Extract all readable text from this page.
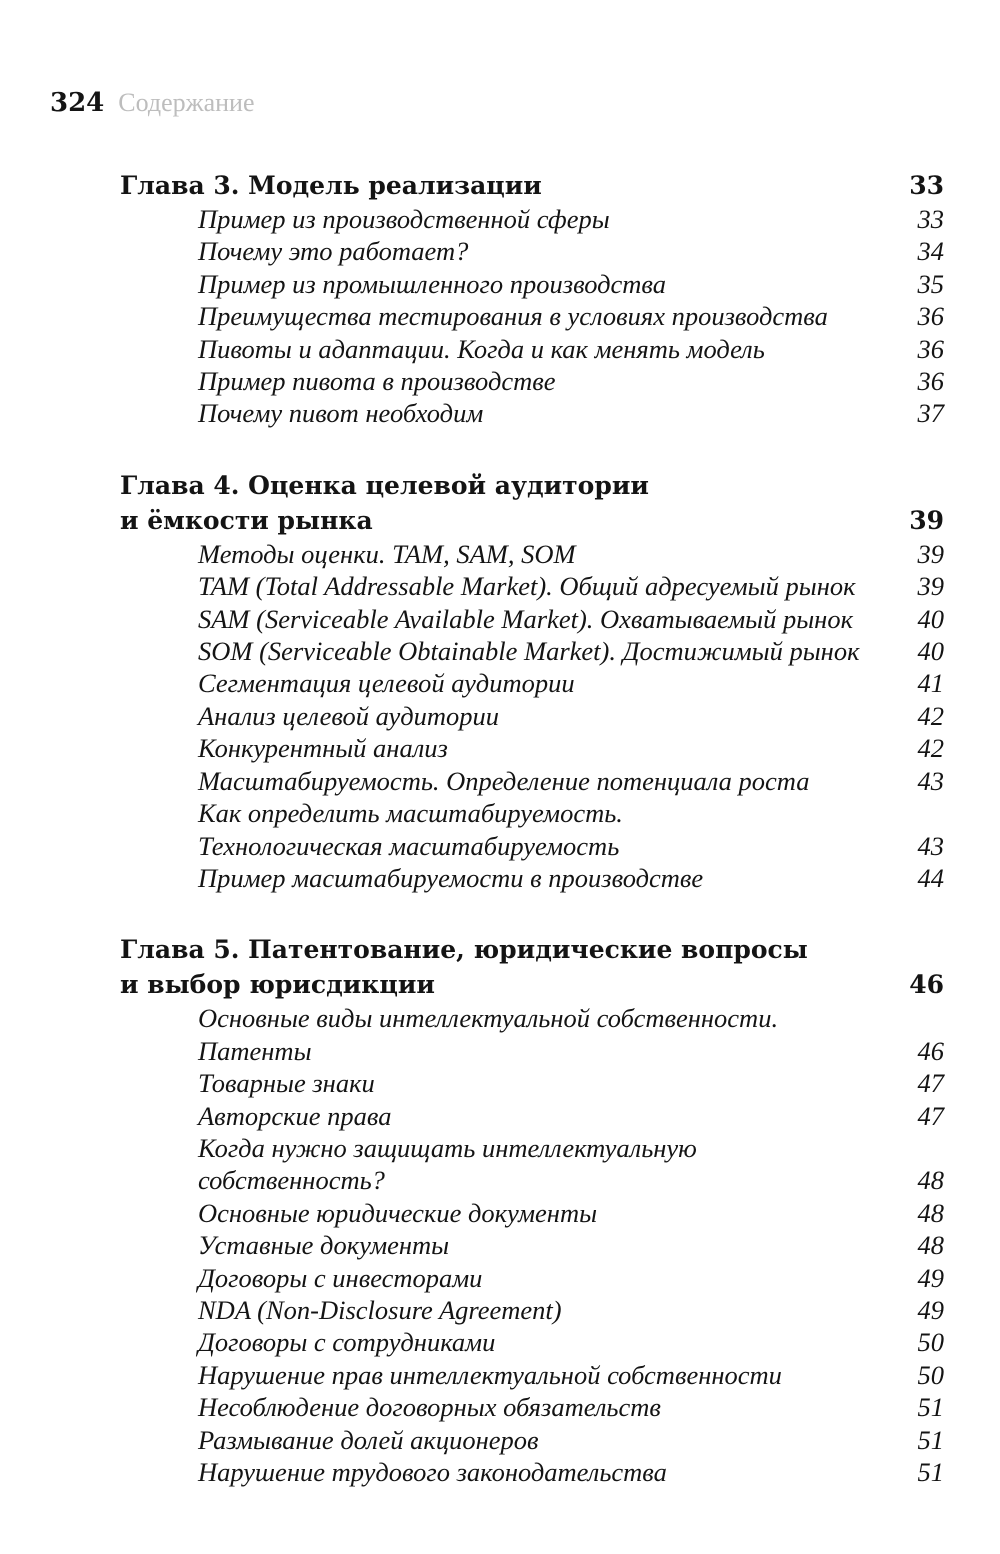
324 Содержание
Глава 3. Модель реализации	33
Пример из производственной сферы	33
Почему это работает?	34
Пример из промышленного производства	35
Преимущества тестирования в условиях производства	36
Пивоты и адаптации. Когда и как менять модель	36
Пример пивота в производстве	36
Почему пивот необходим	37
Глава 4. Оценка целевой аудитории
и ёмкости рынка	39
Методы оценки. TAM, SAM, SOM	39
TAM (Total Addressable Market). Общий адресуемый рынок 39
SAM (Serviceable Available Market). Охватываемый рынок 40
SOM (Serviceable Obtainable Market). Достижимый рынок 40
Сегментация целевой аудитории	41
Анализ целевой аудитории	42
Конкурентный анализ	42
Масштабируемость. Определение потенциала роста	43
Как определить масштабируемость.
Технологическая масштабируемость	43
Пример масштабируемости в производстве	44
Глава 5. Патентование, юридические вопросы
и выбор юрисдикции	46
Основные виды интеллектуальной собственности.
Патенты	46
Товарные знаки	47
Авторские права	47
Когда нужно защищать интеллектуальную
собственность?	48
Основные юридические документы	48
Уставные документы	48
Договоры с инвесторами	49
NDA (Non-Disclosure Agreement)	49
Договоры с сотрудниками	50
Нарушение прав интеллектуальной собственности	50
Несоблюдение договорных обязательств	51
Размывание долей акционеров	51
Нарушение трудового законодательства	51
